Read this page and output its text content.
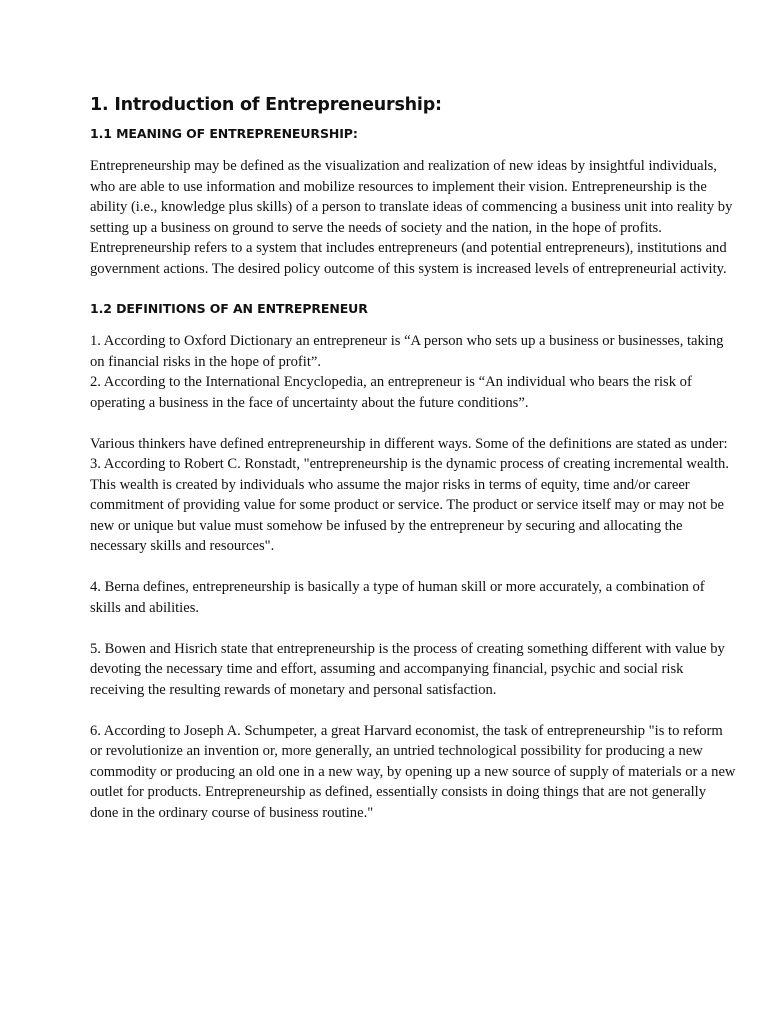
1. Introduction of Entrepreneurship:
1.1 MEANING OF ENTREPRENEURSHIP:

Entrepreneurship may be defined as the visualization and realization of new ideas by insightful individuals, who are able to use information and mobilize resources to implement their vision. Entrepreneurship is the ability (i.e., knowledge plus skills) of a person to translate ideas of commencing a business unit into reality by setting up a business on ground to serve the needs of society and the nation, in the hope of profits. Entrepreneurship refers to a system that includes entrepreneurs (and potential entrepreneurs), institutions and government actions. The desired policy outcome of this system is increased levels of entrepreneurial activity.

1.2 DEFINITIONS OF AN ENTREPRENEUR

1. According to Oxford Dictionary an entrepreneur is “A person who sets up a business or businesses, taking on financial risks in the hope of profit”.

2. According to the International Encyclopedia, an entrepreneur is “An individual who bears the risk of operating a business in the face of uncertainty about the future conditions”.

Various thinkers have defined entrepreneurship in different ways. Some of the definitions are stated as under:

3. According to Robert C. Ronstadt, "entrepreneurship is the dynamic process of creating incremental wealth. This wealth is created by individuals who assume the major risks in terms of equity, time and/or career commitment of providing value for some product or service. The product or service itself may or may not be new or unique but value must somehow be infused by the entrepreneur by securing and allocating the necessary skills and resources".

4. Berna defines, entrepreneurship is basically a type of human skill or more accurately, a combination of skills and abilities.

5. Bowen and Hisrich state that entrepreneurship is the process of creating something different with value by devoting the necessary time and effort, assuming and accompanying financial, psychic and social risk receiving the resulting rewards of monetary and personal satisfaction.

6. According to Joseph A. Schumpeter, a great Harvard economist, the task of entrepreneurship "is to reform or revolutionize an invention or, more generally, an untried technological possibility for producing a new commodity or producing an old one in a new way, by opening up a new source of supply of materials or a new outlet for products. Entrepreneurship as defined, essentially consists in doing things that are not generally done in the ordinary course of business routine."
